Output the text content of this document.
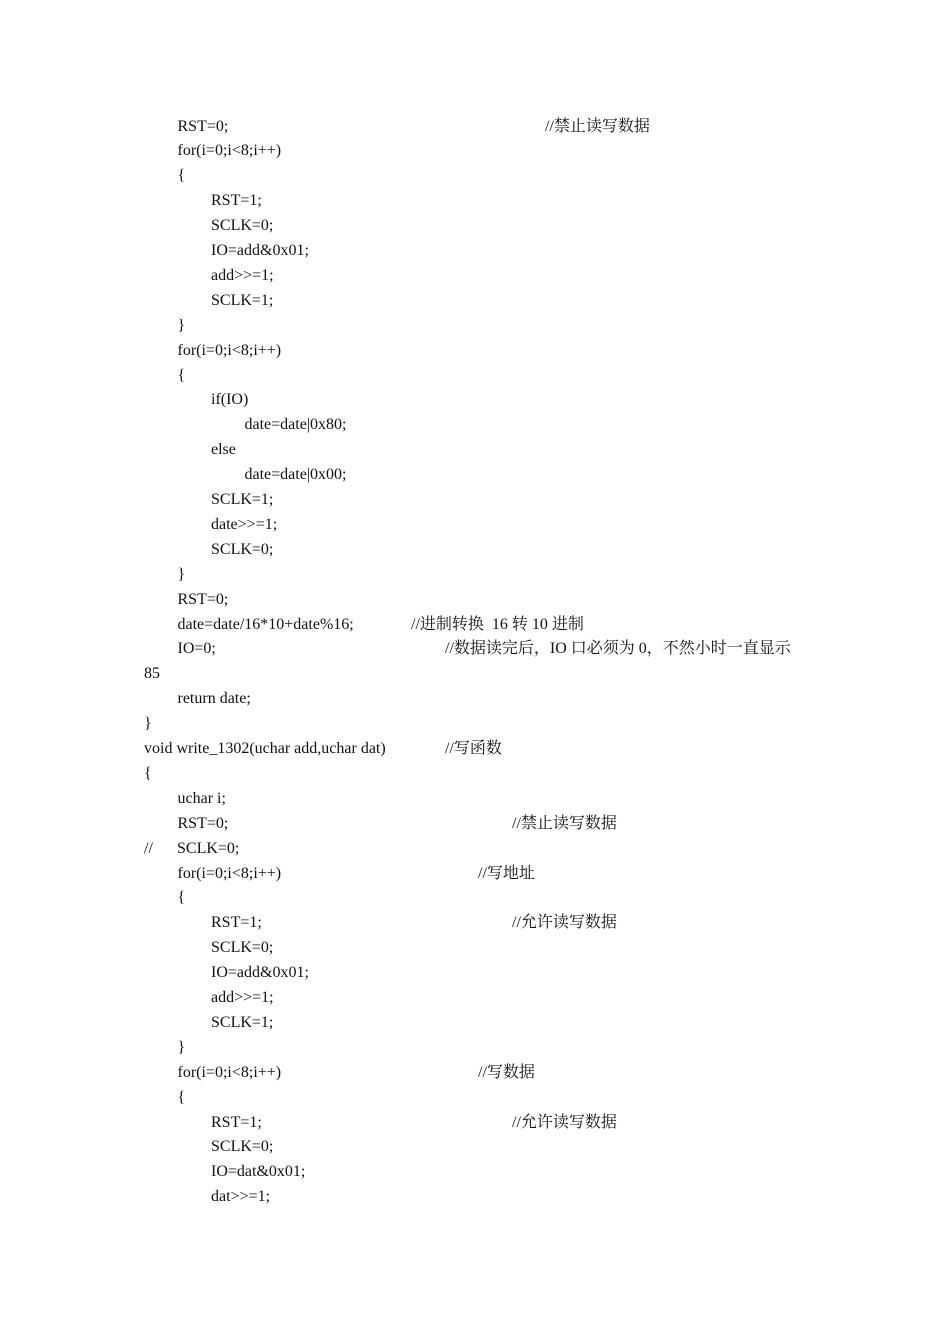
RST=0;	//禁止读写数据
for(i=0;i<8;i++)
{
RST=1;
SCLK=0;
IO=add&0x01;
add>>=1;
SCLK=1;
}
for(i=0;i<8;i++)
{
if(IO)
date=date|0x80;
else
date=date|0x00;
SCLK=1;
date>>=1;
SCLK=0;
}
RST=0;
date=date/16*10+date%16;	//进制转换  16 转 10 进制
IO=0;	//数据读完后，IO 口必须为 0，不然小时一直显示
85
return date;
}
void write_1302(uchar add,uchar dat)	//写函数
{
uchar i;
RST=0;	//禁止读写数据
// SCLK=0;
for(i=0;i<8;i++)	//写地址
{
RST=1;	//允许读写数据
SCLK=0;
IO=add&0x01;
add>>=1;
SCLK=1;
}
for(i=0;i<8;i++)	//写数据
{
RST=1;	//允许读写数据
SCLK=0;
IO=dat&0x01;
dat>>=1;
